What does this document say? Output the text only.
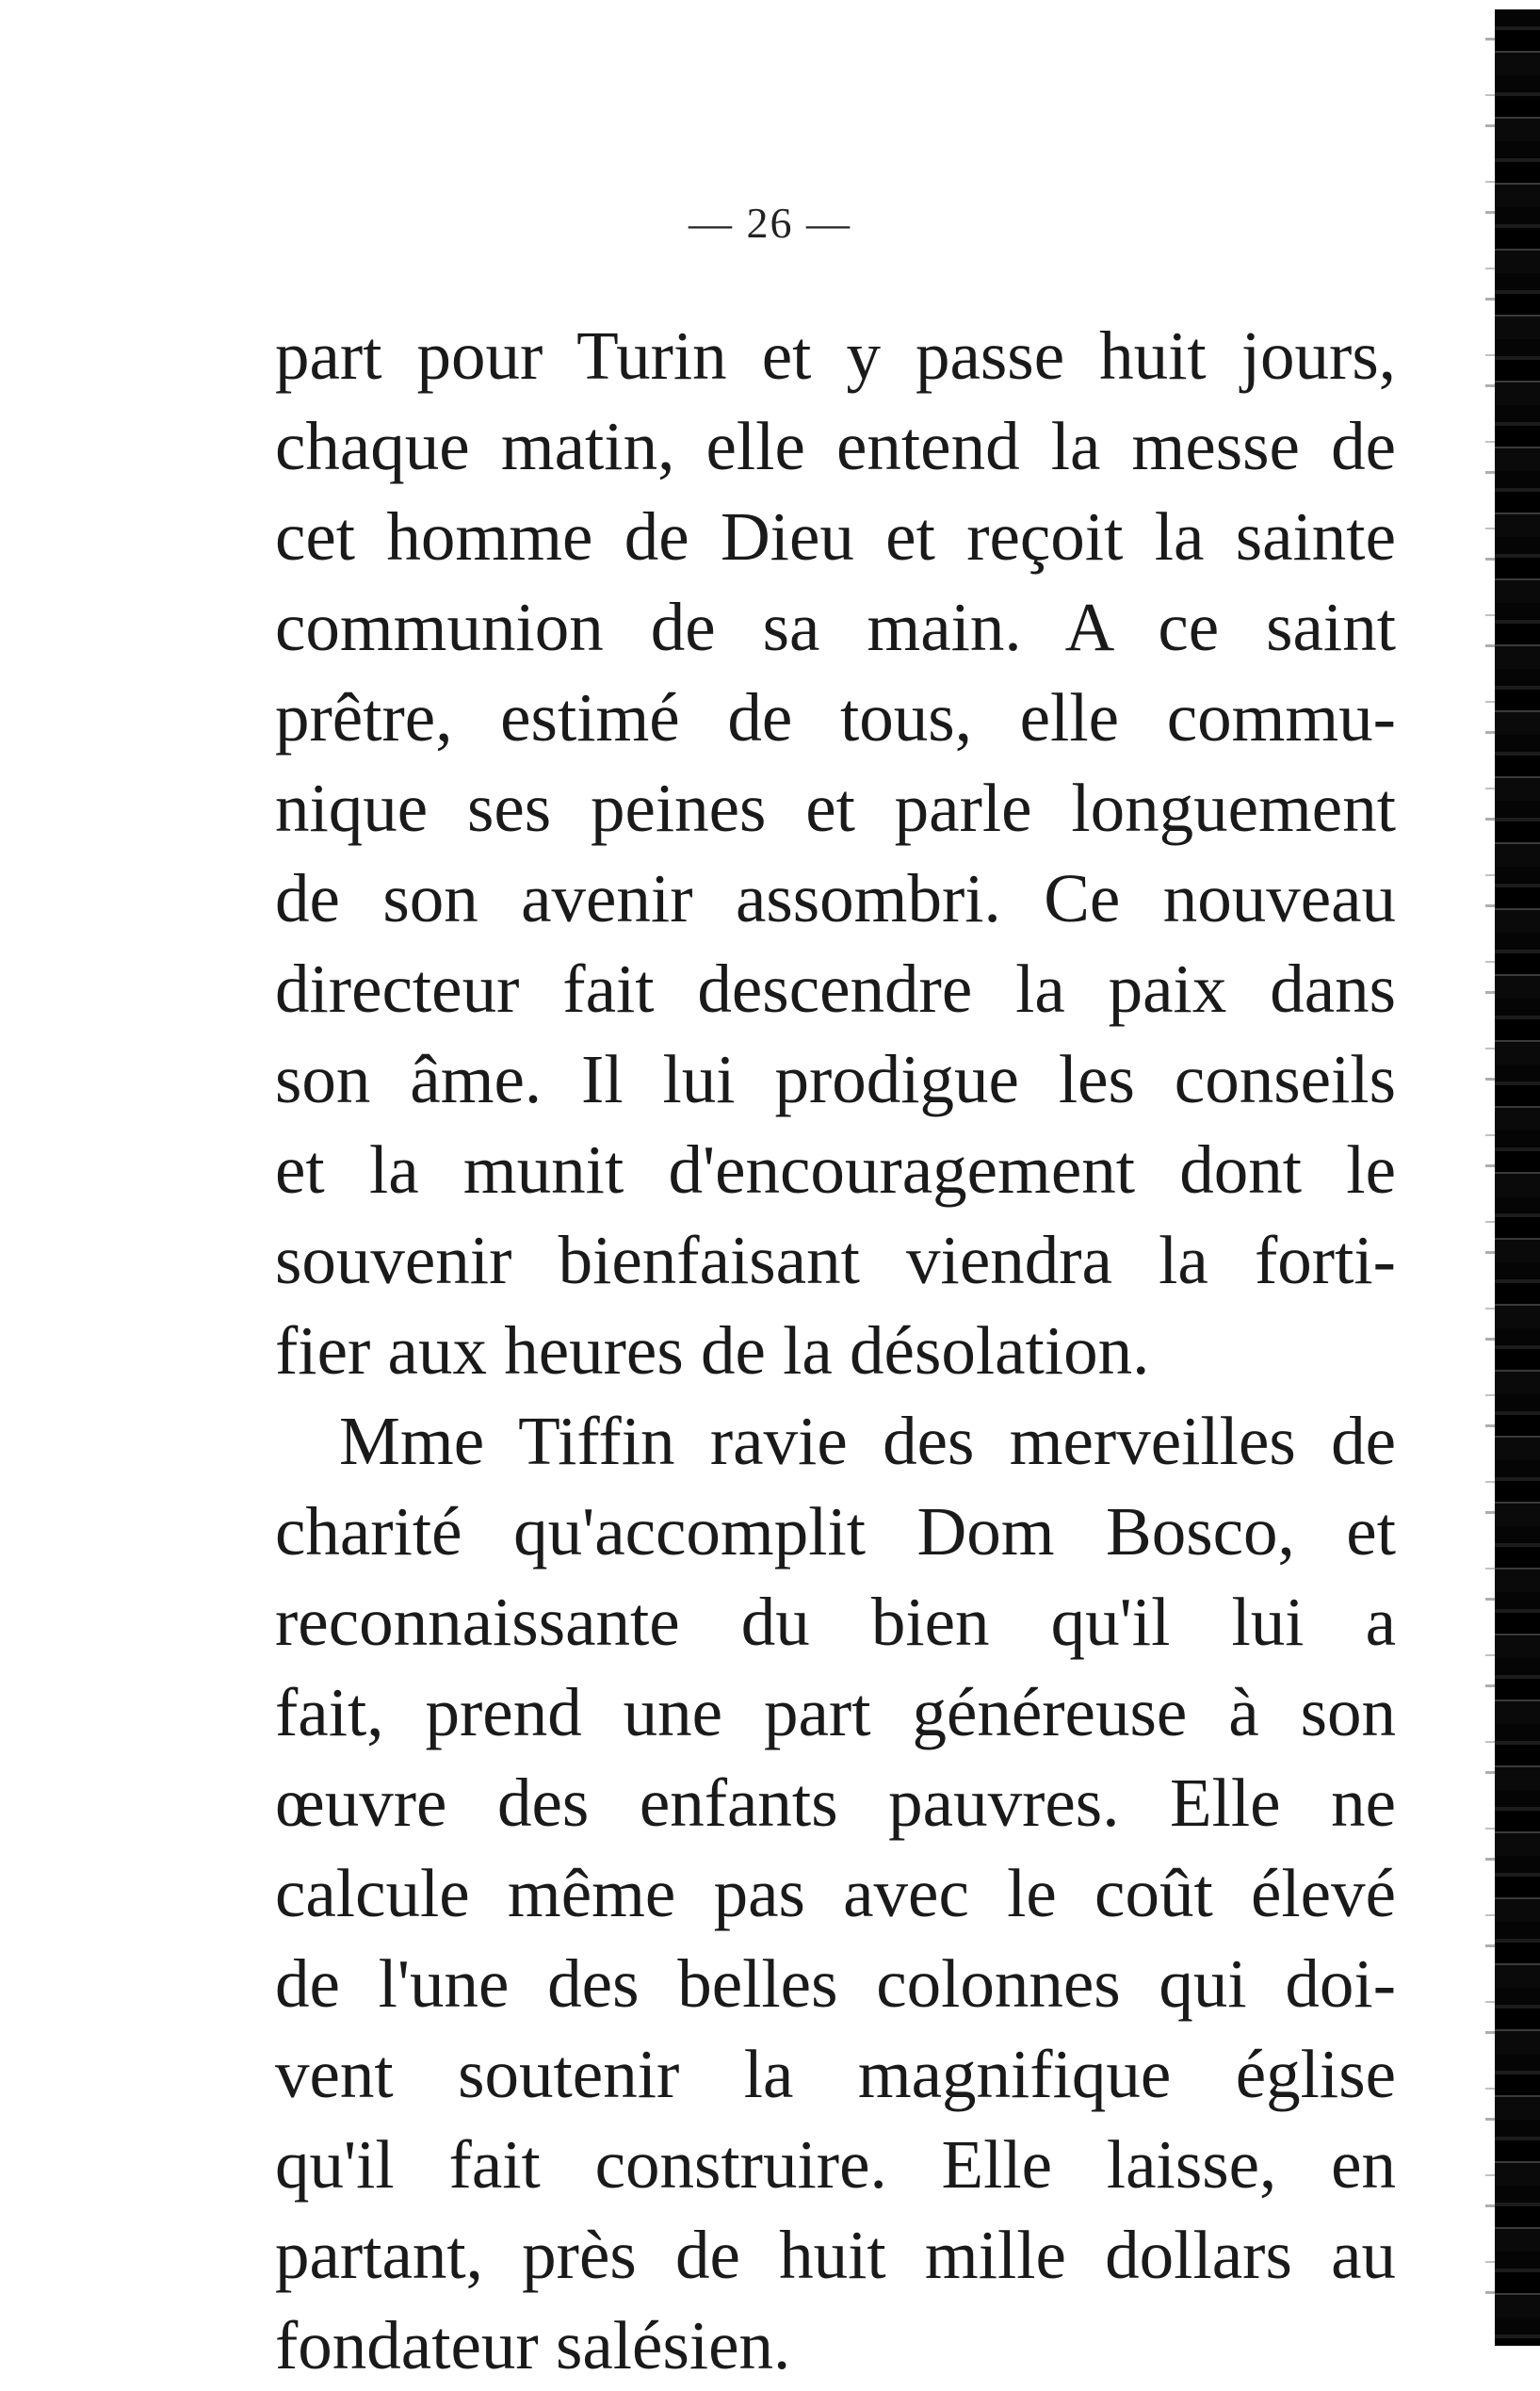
— 26 —
part pour Turin et y passe huit jours,
chaque matin, elle entend la messe de
cet homme de Dieu et reçoit la sainte
communion de sa main. A ce saint
prêtre, estimé de tous, elle commu-
nique ses peines et parle longuement
de son avenir assombri. Ce nouveau
directeur fait descendre la paix dans
son âme. Il lui prodigue les conseils
et la munit d'encouragement dont le
souvenir bienfaisant viendra la forti-
fier aux heures de la désolation.
Mme Tiffin ravie des merveilles de
charité qu'accomplit Dom Bosco, et
reconnaissante du bien qu'il lui a
fait, prend une part généreuse à son
œuvre des enfants pauvres. Elle ne
calcule même pas avec le coût élevé
de l'une des belles colonnes qui doi-
vent soutenir la magnifique église
qu'il fait construire. Elle laisse, en
partant, près de huit mille dollars au
fondateur salésien.
